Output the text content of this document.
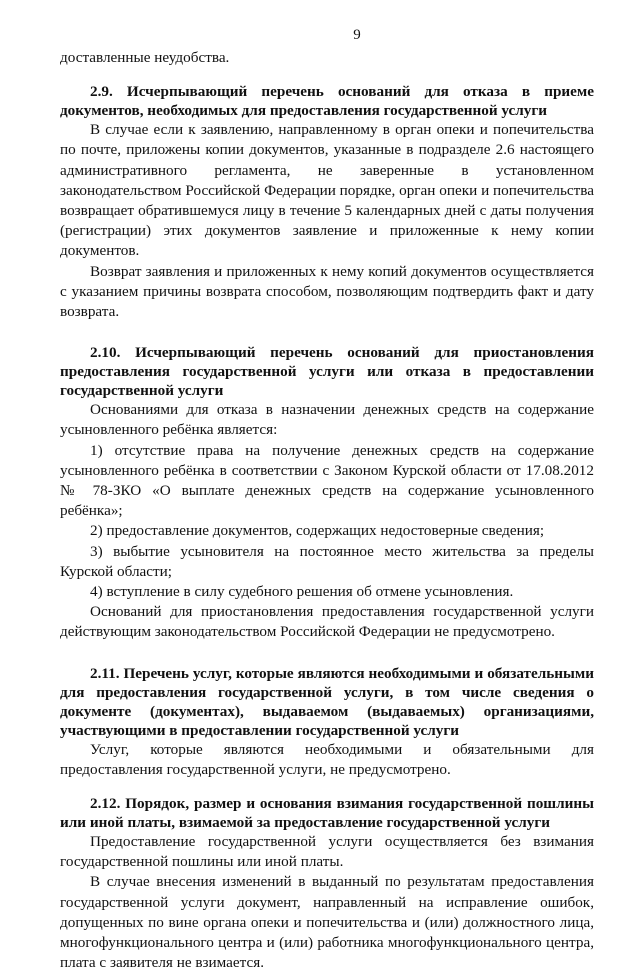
9

доставленные неудобства.

2.9. Исчерпывающий перечень оснований для отказа в приеме документов, необходимых для предоставления государственной услуги

В случае если к заявлению, направленному в орган опеки и попечительства по почте, приложены копии документов, указанные в подразделе 2.6 настоящего административного регламента, не заверенные в установленном законодательством Российской Федерации порядке, орган опеки и попечительства возвращает обратившемуся лицу в течение 5 календарных дней с даты получения (регистрации) этих документов заявление и приложенные к нему копии документов.

Возврат заявления и приложенных к нему копий документов осуществляется с указанием причины возврата способом, позволяющим подтвердить факт и дату возврата.

2.10. Исчерпывающий перечень оснований для приостановления предоставления государственной услуги или отказа в предоставлении государственной услуги

Основаниями для отказа в назначении денежных средств на содержание усыновленного ребёнка является:

1) отсутствие права на получение денежных средств на содержание усыновленного ребёнка в соответствии с Законом Курской области от 17.08.2012 № 78-ЗКО «О выплате денежных средств на содержание усыновленного ребёнка»;

2) предоставление документов, содержащих недостоверные сведения;

3) выбытие усыновителя на постоянное место жительства за пределы Курской области;

4) вступление в силу судебного решения об отмене усыновления.

Оснований для приостановления предоставления государственной услуги действующим законодательством Российской Федерации не предусмотрено.

2.11. Перечень услуг, которые являются необходимыми и обязательными для предоставления государственной услуги, в том числе сведения о документе (документах), выдаваемом (выдаваемых) организациями, участвующими в предоставлении государственной услуги

Услуг, которые являются необходимыми и обязательными для предоставления государственной услуги, не предусмотрено.

2.12. Порядок, размер и основания взимания государственной пошлины или иной платы, взимаемой за предоставление государственной услуги

Предоставление государственной услуги осуществляется без взимания государственной пошлины или иной платы.

В случае внесения изменений в выданный по результатам предоставления государственной услуги документ, направленный на исправление ошибок, допущенных по вине органа опеки и попечительства и (или) должностного лица, многофункционального центра и (или) работника многофункционального центра, плата с заявителя не взимается.
